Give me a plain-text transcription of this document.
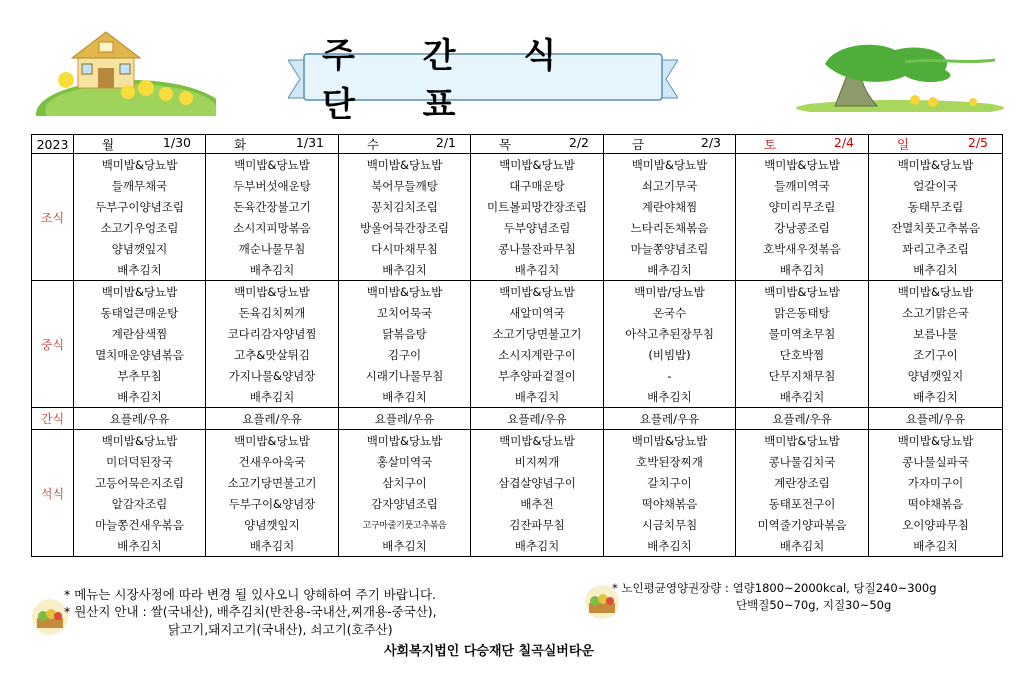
주 간 식 단 표
2023	월 1/30	화 1/31	수 2/1	목 2/2	금 2/3	토 2/4	일 2/5

조식	백미밥&당뇨밥	백미밥&당뇨밥	백미밥&당뇨밥	백미밥&당뇨밥	백미밥&당뇨밥	백미밥&당뇨밥	백미밥&당뇨밥
	들깨무채국	두부버섯애운탕	북어무들깨탕	대구매운탕	쇠고기무국	들깨미역국	얼갈이국
	두부구이양념조림	돈육간장불고기	꽁치김치조림	미트볼피망간장조림	계란야채찜	양미리무조림	동태무조림
	소고기우엉조림	소시지피망볶음	방울어묵간장조림	두부양념조림	느타리돈채볶음	강낭콩조림	잔멸치풋고추볶음
	양념깻잎지	깨순나물무침	다시마채무침	콩나물잔파무침	마늘쫑양념조림	호박새우젓볶음	꽈리고추조림
	배추김치	배추김치	배추김치	배추김치	배추김치	배추김치	배추김치
중식	백미밥&당뇨밥	백미밥&당뇨밥	백미밥&당뇨밥	백미밥&당뇨밥	백미밥/당뇨밥	백미밥&당뇨밥	백미밥&당뇨밥
	동태얼큰매운탕	돈육김치찌개	꼬치어묵국	새알미역국	온국수	맑은동태탕	소고기맑은국
	계란삼색찜	코다리감자양념찜	닭볶음탕	소고기당면불고기	아삭고추된장무침	물미역초무침	보름나물
	멸치매운양념볶음	고추&맛살튀김	김구이	소시지계란구이	(비빔밥)	단호박찜	조기구이
	부추무침	가지나물&양념장	시래기나물무침	부추양파겉절이	-	단무지채무침	양념깻잎지
	배추김치	배추김치	배추김치	배추김치	배추김치	배추김치	배추김치
간식	요플레/우유	요플레/우유	요플레/우유	요플레/우유	요플레/우유	요플레/우유	요플레/우유
석식	백미밥&당뇨밥	백미밥&당뇨밥	백미밥&당뇨밥	백미밥&당뇨밥	백미밥&당뇨밥	백미밥&당뇨밥	백미밥&당뇨밥
	미더덕된장국	건새우아욱국	홍살미역국	비지찌개	호박된장찌개	콩나물김치국	콩나물실파국
	고등어묵은지조림	소고기당면불고기	삼치구이	삼겹살양념구이	갈치구이	계란장조림	가자미구이
	알감자조림	두부구이&양념장	감자양념조림	배추전	떡야채볶음	동태포전구이	떡야채볶음
	마늘쫑건새우볶음	양념깻잎지	고구마줄기풋고추볶음	김잔파무침	시금치무침	미역줄기양파볶음	오이양파무침
	배추김치	배추김치	배추김치	배추김치	배추김치	배추김치	배추김치
* 메뉴는 시장사정에 따라 변경 될 있사오니 양해하여 주기 바랍니다.
* 원산지 안내 : 쌀(국내산), 배추김치(반찬용-국내산,찌개용-중국산),
닭고기,돼지고기(국내산), 쇠고기(호주산)
* 노인평균영양권장량 : 열량1800~2000kcal, 당질240~300g
단백질50~70g, 지질30~50g
사회복지법인 다승재단 칠곡실버타운
